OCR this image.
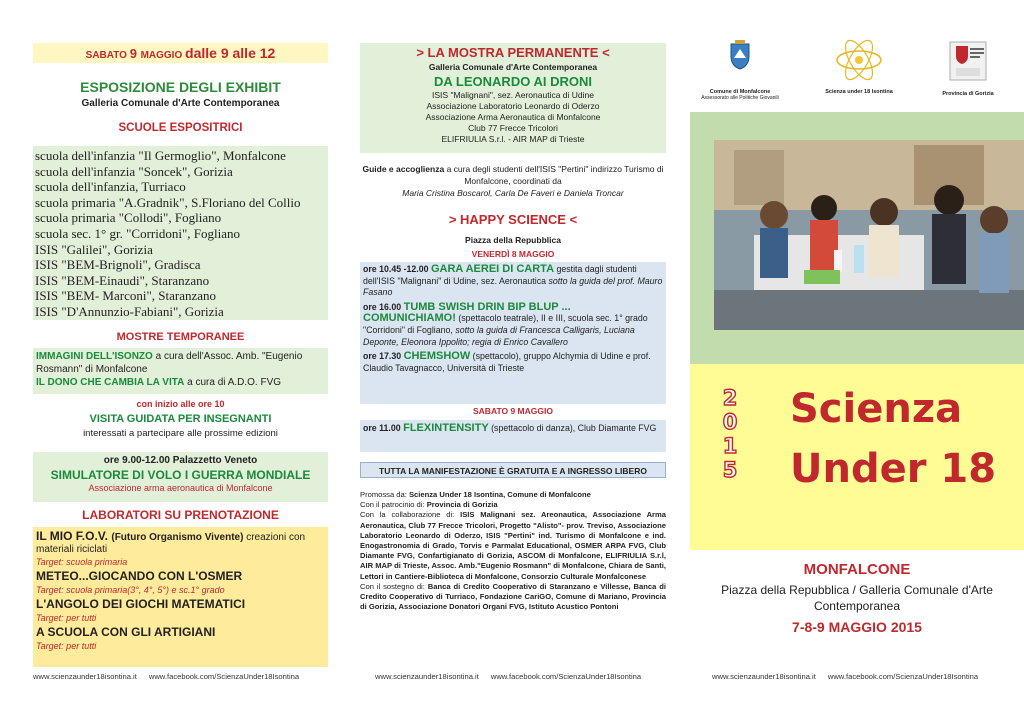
SABATO 9 MAGGIO dalle 9 alle 12
ESPOSIZIONE DEGLI EXHIBIT
Galleria Comunale d'Arte Contemporanea
SCUOLE ESPOSITRICI
scuola dell'infanzia "Il Germoglio", Monfalcone
scuola dell'infanzia "Soncek", Gorizia
scuola dell'infanzia, Turriaco
scuola primaria "A.Gradnik", S.Floriano del Collio
scuola primaria "Collodi", Fogliano
scuola sec. 1° gr. "Corridoni", Fogliano
ISIS "Galilei", Gorizia
ISIS "BEM-Brignoli", Gradisca
ISIS "BEM-Einaudi", Staranzano
ISIS "BEM- Marconi", Staranzano
ISIS "D'Annunzio-Fabiani", Gorizia
MOSTRE TEMPORANEE
IMMAGINI DELL'ISONZO a cura dell'Assoc. Amb. "Eugenio Rosmann" di Monfalcone
IL DONO CHE CAMBIA LA VITA a cura di A.D.O. FVG
con inizio alle ore 10
VISITA GUIDATA PER INSEGNANTI
interessati a partecipare alle prossime edizioni
ore 9.00-12.00 Palazzetto Veneto
SIMULATORE DI VOLO I GUERRA MONDIALE
Associazione arma aeronautica di Monfalcone
LABORATORI SU PRENOTAZIONE
IL MIO F.O.V. (Futuro Organismo Vivente) creazioni con materiali riciclati
Target: scuola primaria
METEO...GIOCANDO CON L'OSMER
Target: scuola primaria(3°, 4°, 5°) e sc.1° grado
L'ANGOLO DEI GIOCHI MATEMATICI
Target: per tutti
A SCUOLA CON GLI ARTIGIANI
Target: per tutti
www.scienzaunder18isontina.it www.facebook.com/ScienzaUnder18Isontina
> LA MOSTRA PERMANENTE <
Galleria Comunale d'Arte Contemporanea
DA LEONARDO AI DRONI
ISIS "Malignani", sez. Aeronautica di Udine
Associazione Laboratorio Leonardo di Oderzo
Associazione Arma Aeronautica di Monfalcone
Club 77 Frecce Tricolori
ELIFRIULIA S.r.l. - AIR MAP di Trieste
Guide e accoglienza a cura degli studenti dell'ISIS "Pertini" indirizzo Turismo di Monfalcone, coordinati da
Maria Cristina Boscarol, Carla De Faveri e Daniela Troncar
> HAPPY SCIENCE <
Piazza della Repubblica
VENERDÌ 8 MAGGIO
ore 10.45 -12.00 GARA AEREI DI CARTA gestita dagli studenti dell'ISIS "Malignani" di Udine, sez. Aeronautica sotto la guida del prof. Mauro Fasano
ore 16.00 TUMB SWISH DRIN BIP BLUP ...
COMUNICHIAMO! (spettacolo teatrale), II e III, scuola sec. 1° grado "Corridoni" di Fogliano, sotto la guida di Francesca Calligaris, Luciana Deponte, Eleonora Ippolito; regia di Enrico Cavallero
ore 17.30 CHEMSHOW (spettacolo), gruppo Alchymia di Udine e prof. Claudio Tavagnacco, Università di Trieste
SABATO 9 MAGGIO
ore 11.00 FLEXINTENSITY (spettacolo di danza), Club Diamante FVG
TUTTA LA MANIFESTAZIONE È GRATUITA E A INGRESSO LIBERO
Promossa da: Scienza Under 18 Isontina, Comune di Monfalcone
Con il patrocinio di: Provincia di Gorizia
Con la collaborazione di: ISIS Malignani sez. Areonautica, Associazione Arma Aeronautica, Club 77 Frecce Tricolori, Progetto "Alisto"- prov. Treviso, Associazione Laboratorio Leonardo di Oderzo, ISIS "Pertini" ind. Turismo di Monfalcone e ind. Enogastronomia di Grado, Torvis e Parmalat Educational, OSMER ARPA FVG, Club Diamante FVG, Confartigianato di Gorizia, ASCOM di Monfalcone, ELIFRIULIA S.r.l, AIR MAP di Trieste, Assoc. Amb."Eugenio Rosmann" di Monfalcone, Chiara de Santi, Lettori in Cantiere-Biblioteca di Monfalcone, Consorzio Culturale Monfalconese
Con il sostegno di: Banca di Credito Cooperativo di Staranzano e Villesse, Banca di Credito Cooperativo di Turriaco, Fondazione CariGO, Comune di Mariano, Provincia di Gorizia, Associazione Donatori Organi FVG, Istituto Acustico Pontoni
www.scienzaunder18isontina.it www.facebook.com/ScienzaUnder18Isontina
Comune di Monfalcone
Assessorato alle Politiche Giovanili
Scienza under 18 Isontina	Provincia di Gorizia
2
0
1
5
Scienza
Under 18
MONFALCONE
Piazza della Repubblica / Galleria Comunale d'Arte Contemporanea
7-8-9 MAGGIO 2015
www.scienzaunder18isontina.it www.facebook.com/ScienzaUnder18Isontina
